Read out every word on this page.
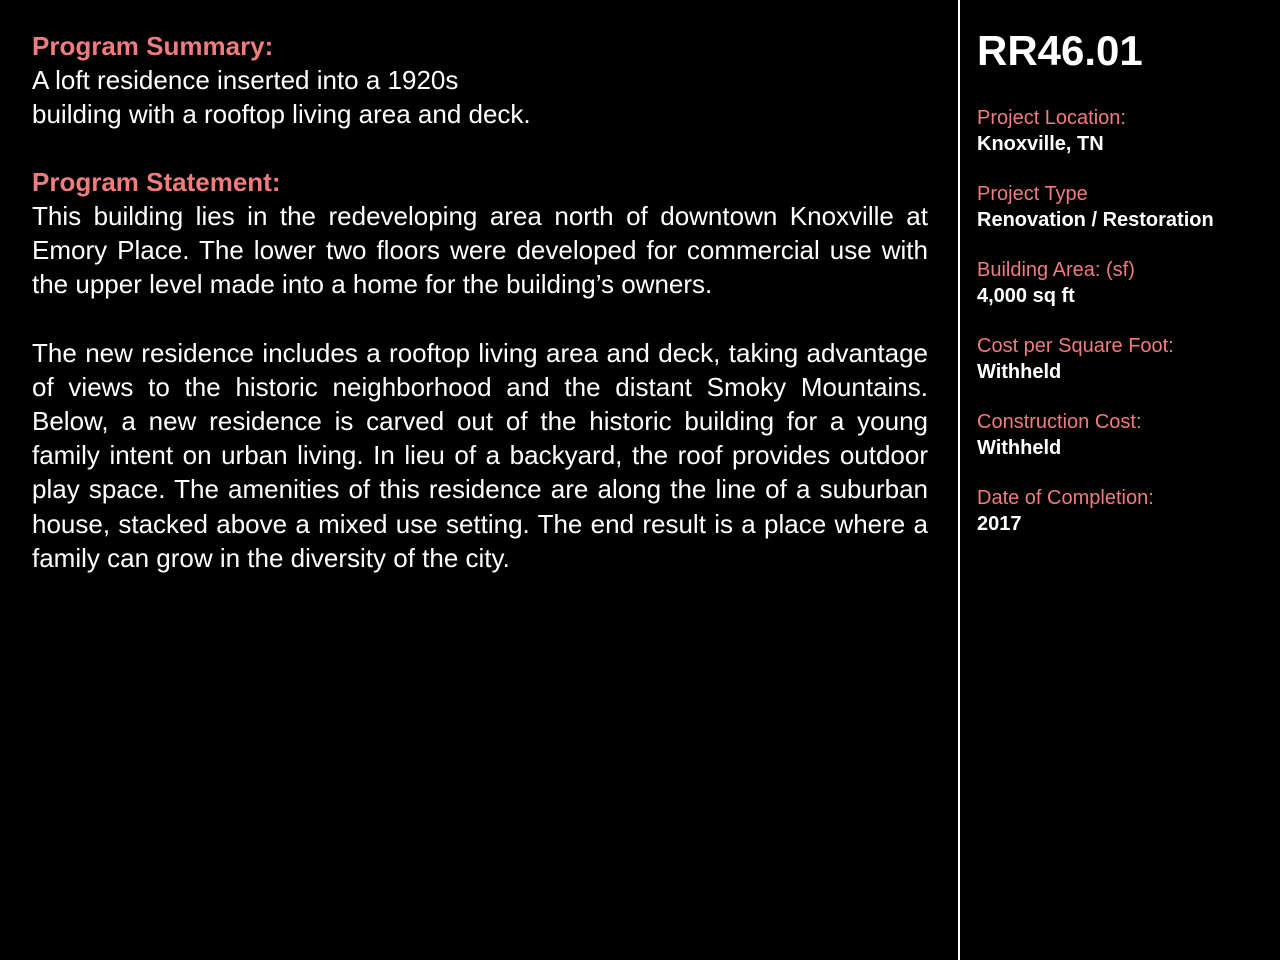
Program Summary:
A loft residence inserted into a 1920s
building with a rooftop living area and deck.
Program Statement:

This building lies in the redeveloping area north of downtown Knoxville at Emory Place. The lower two floors were developed for commercial use with the upper level made into a home for the building’s owners.

The new residence includes a rooftop living area and deck, taking advantage of views to the historic neighborhood and the distant Smoky Mountains. Below, a new residence is carved out of the historic building for a young family intent on urban living. In lieu of a backyard, the roof provides outdoor play space. The amenities of this residence are along the line of a suburban house, stacked above a mixed use setting. The end result is a place where a family can grow in the diversity of the city.

RR46.01
Project Location:
Knoxville, TN
Project Type
Renovation / Restoration
Building Area: (sf)
4,000 sq ft
Cost per Square Foot:
Withheld
Construction Cost:
Withheld
Date of Completion:
2017
